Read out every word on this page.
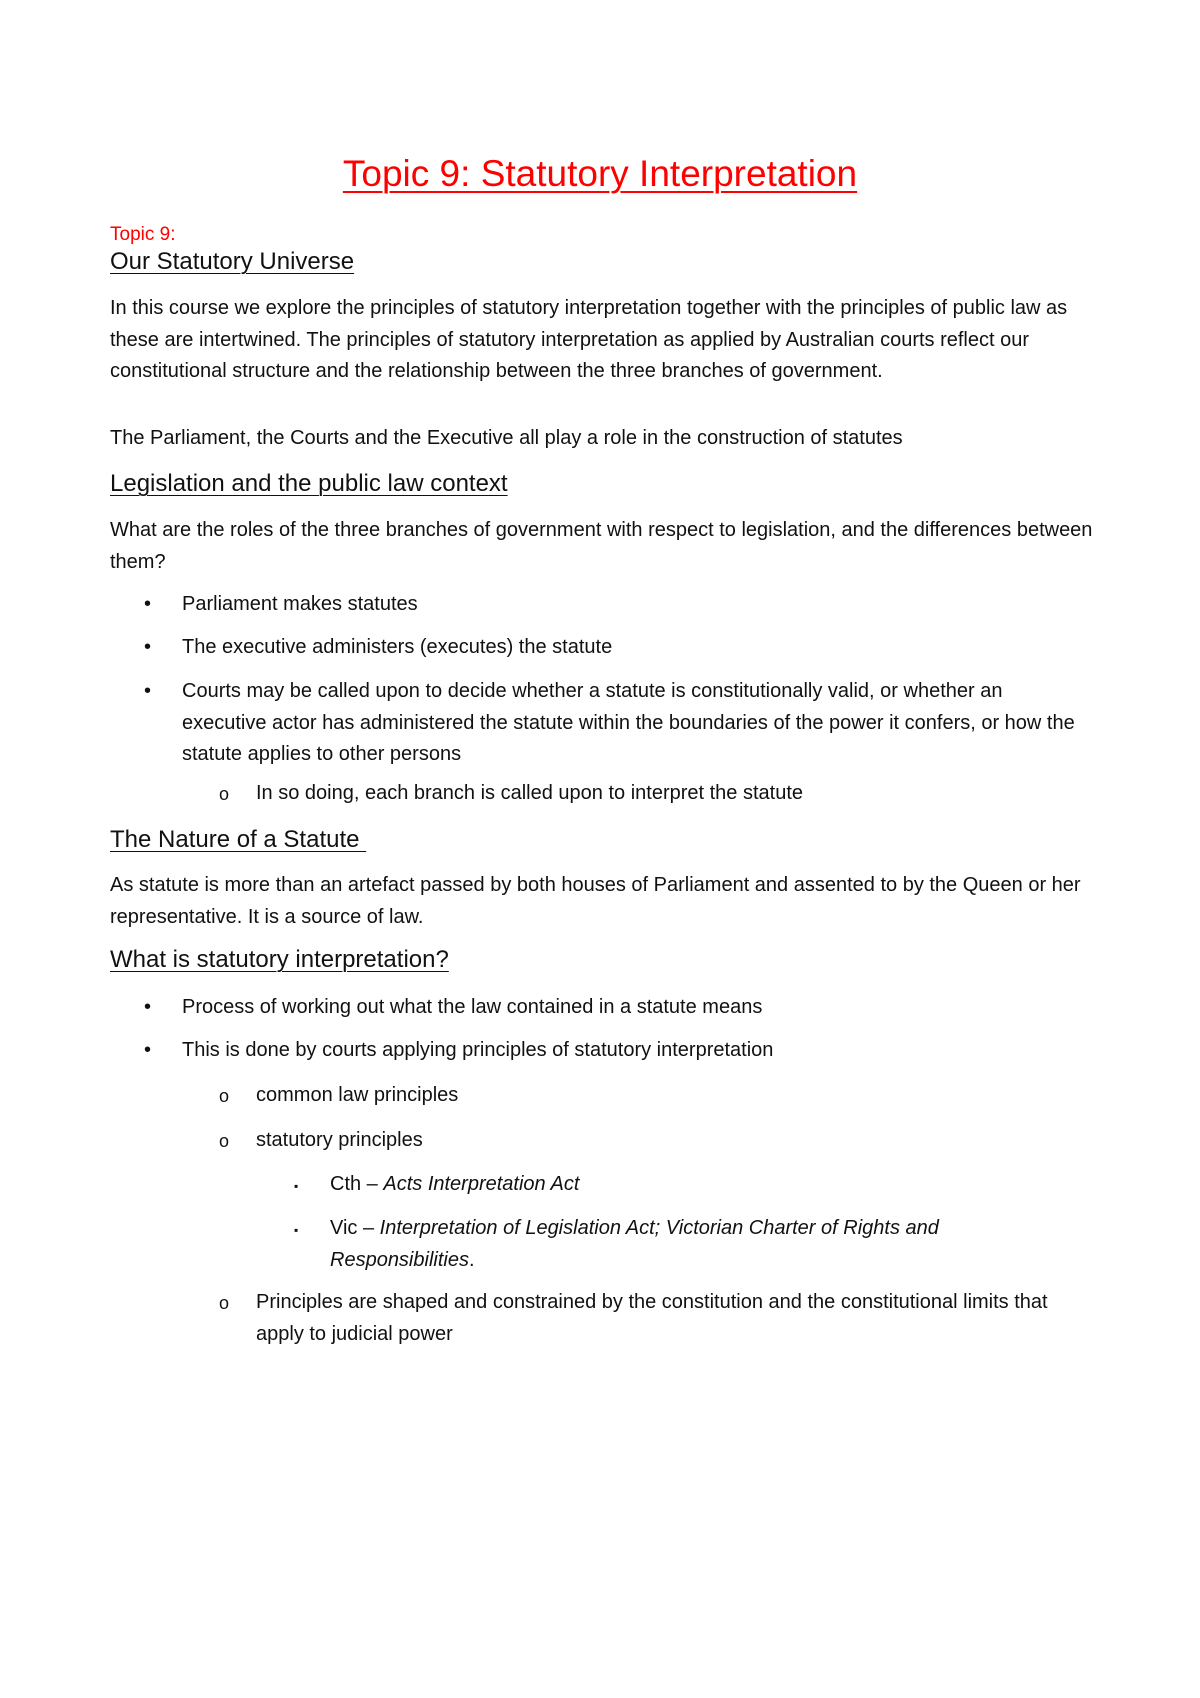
Topic 9: Statutory Interpretation

Topic 9:

Our Statutory Universe

In this course we explore the principles of statutory interpretation together with the principles of public law as these are intertwined. The principles of statutory interpretation as applied by Australian courts reflect our constitutional structure and the relationship between the three branches of government.

The Parliament, the Courts and the Executive all play a role in the construction of statutes

Legislation and the public law context

What are the roles of the three branches of government with respect to legislation, and the differences between them?

• Parliament makes statutes
• The executive administers (executes) the statute
• Courts may be called upon to decide whether a statute is constitutionally valid, or whether an executive actor has administered the statute within the boundaries of the power it confers, or how the statute applies to other persons
o In so doing, each branch is called upon to interpret the statute
The Nature of a Statute

As statute is more than an artefact passed by both houses of Parliament and assented to by the Queen or her representative. It is a source of law.

What is statutory interpretation?
• Process of working out what the law contained in a statute means
• This is done by courts applying principles of statutory interpretation
o common law principles
o statutory principles
▪ Cth – Acts Interpretation Act
▪ Vic – Interpretation of Legislation Act; Victorian Charter of Rights and Responsibilities.
o Principles are shaped and constrained by the constitution and the constitutional limits that apply to judicial power
